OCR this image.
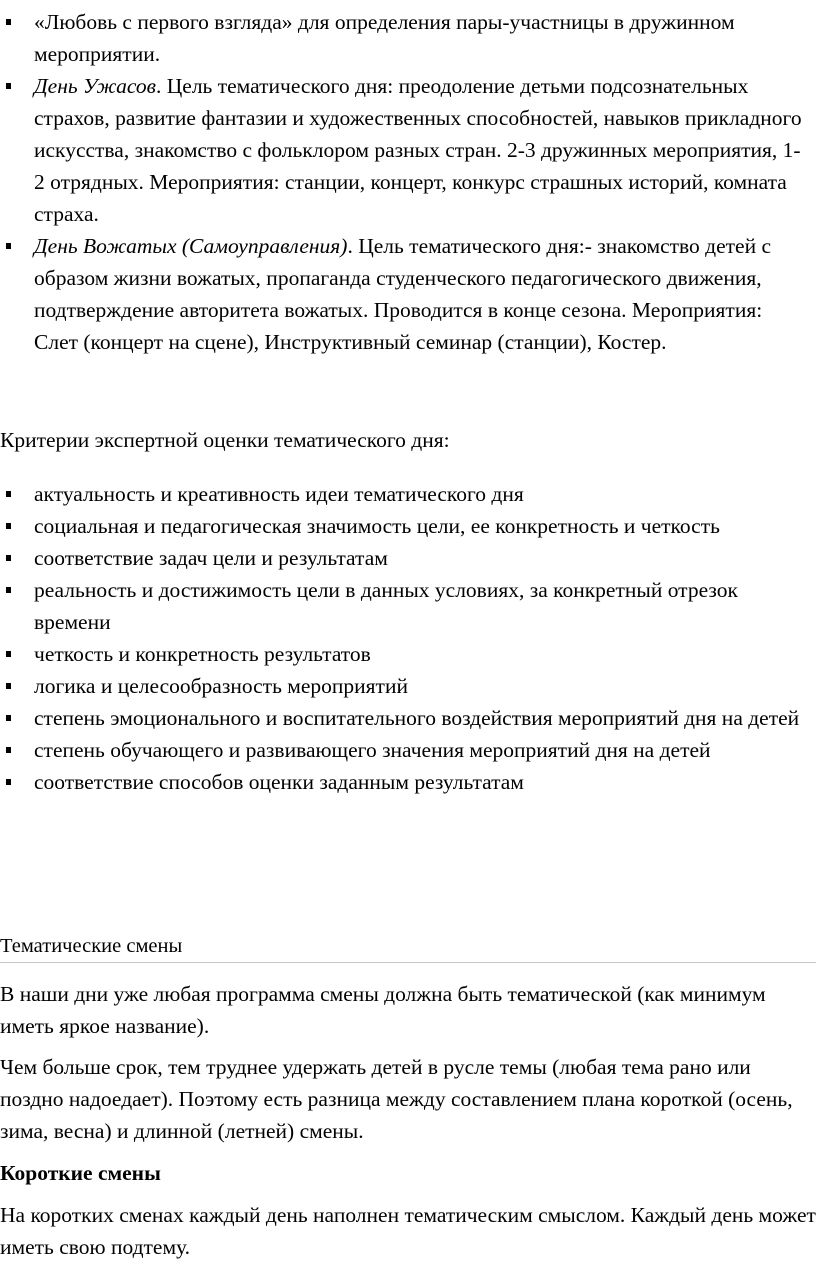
«Любовь с первого взгляда» для определения пары-участницы в дружинном мероприятии.
День Ужасов. Цель тематического дня: преодоление детьми подсознательных страхов, развитие фантазии и художественных способностей, навыков прикладного искусства, знакомство с фольклором разных стран. 2-3 дружинных мероприятия, 1-2 отрядных. Мероприятия: станции, концерт, конкурс страшных историй, комната страха.
День Вожатых (Самоуправления). Цель тематического дня:- знакомство детей с образом жизни вожатых, пропаганда студенческого педагогического движения, подтверждение авторитета вожатых. Проводится в конце сезона. Мероприятия: Слет (концерт на сцене), Инструктивный семинар (станции), Костер.

Критерии экспертной оценки тематического дня:

актуальность и креативность идеи тематического дня
социальная и педагогическая значимость цели, ее конкретность и четкость
соответствие задач цели и результатам
реальность и достижимость цели в данных условиях, за конкретный отрезок времени
четкость и конкретность результатов
логика и целесообразность мероприятий
степень эмоционального и воспитательного воздействия мероприятий дня на детей
степень обучающего и развивающего значения мероприятий дня на детей
соответствие способов оценки заданным результатам
Тематические смены

В наши дни уже любая программа смены должна быть тематической (как минимум иметь яркое название).

Чем больше срок, тем труднее удержать детей в русле темы (любая тема рано или поздно надоедает). Поэтому есть разница между составлением плана короткой (осень, зима, весна) и длинной (летней) смены.

Короткие смены

На коротких сменах каждый день наполнен тематическим смыслом. Каждый день может иметь свою подтему.
